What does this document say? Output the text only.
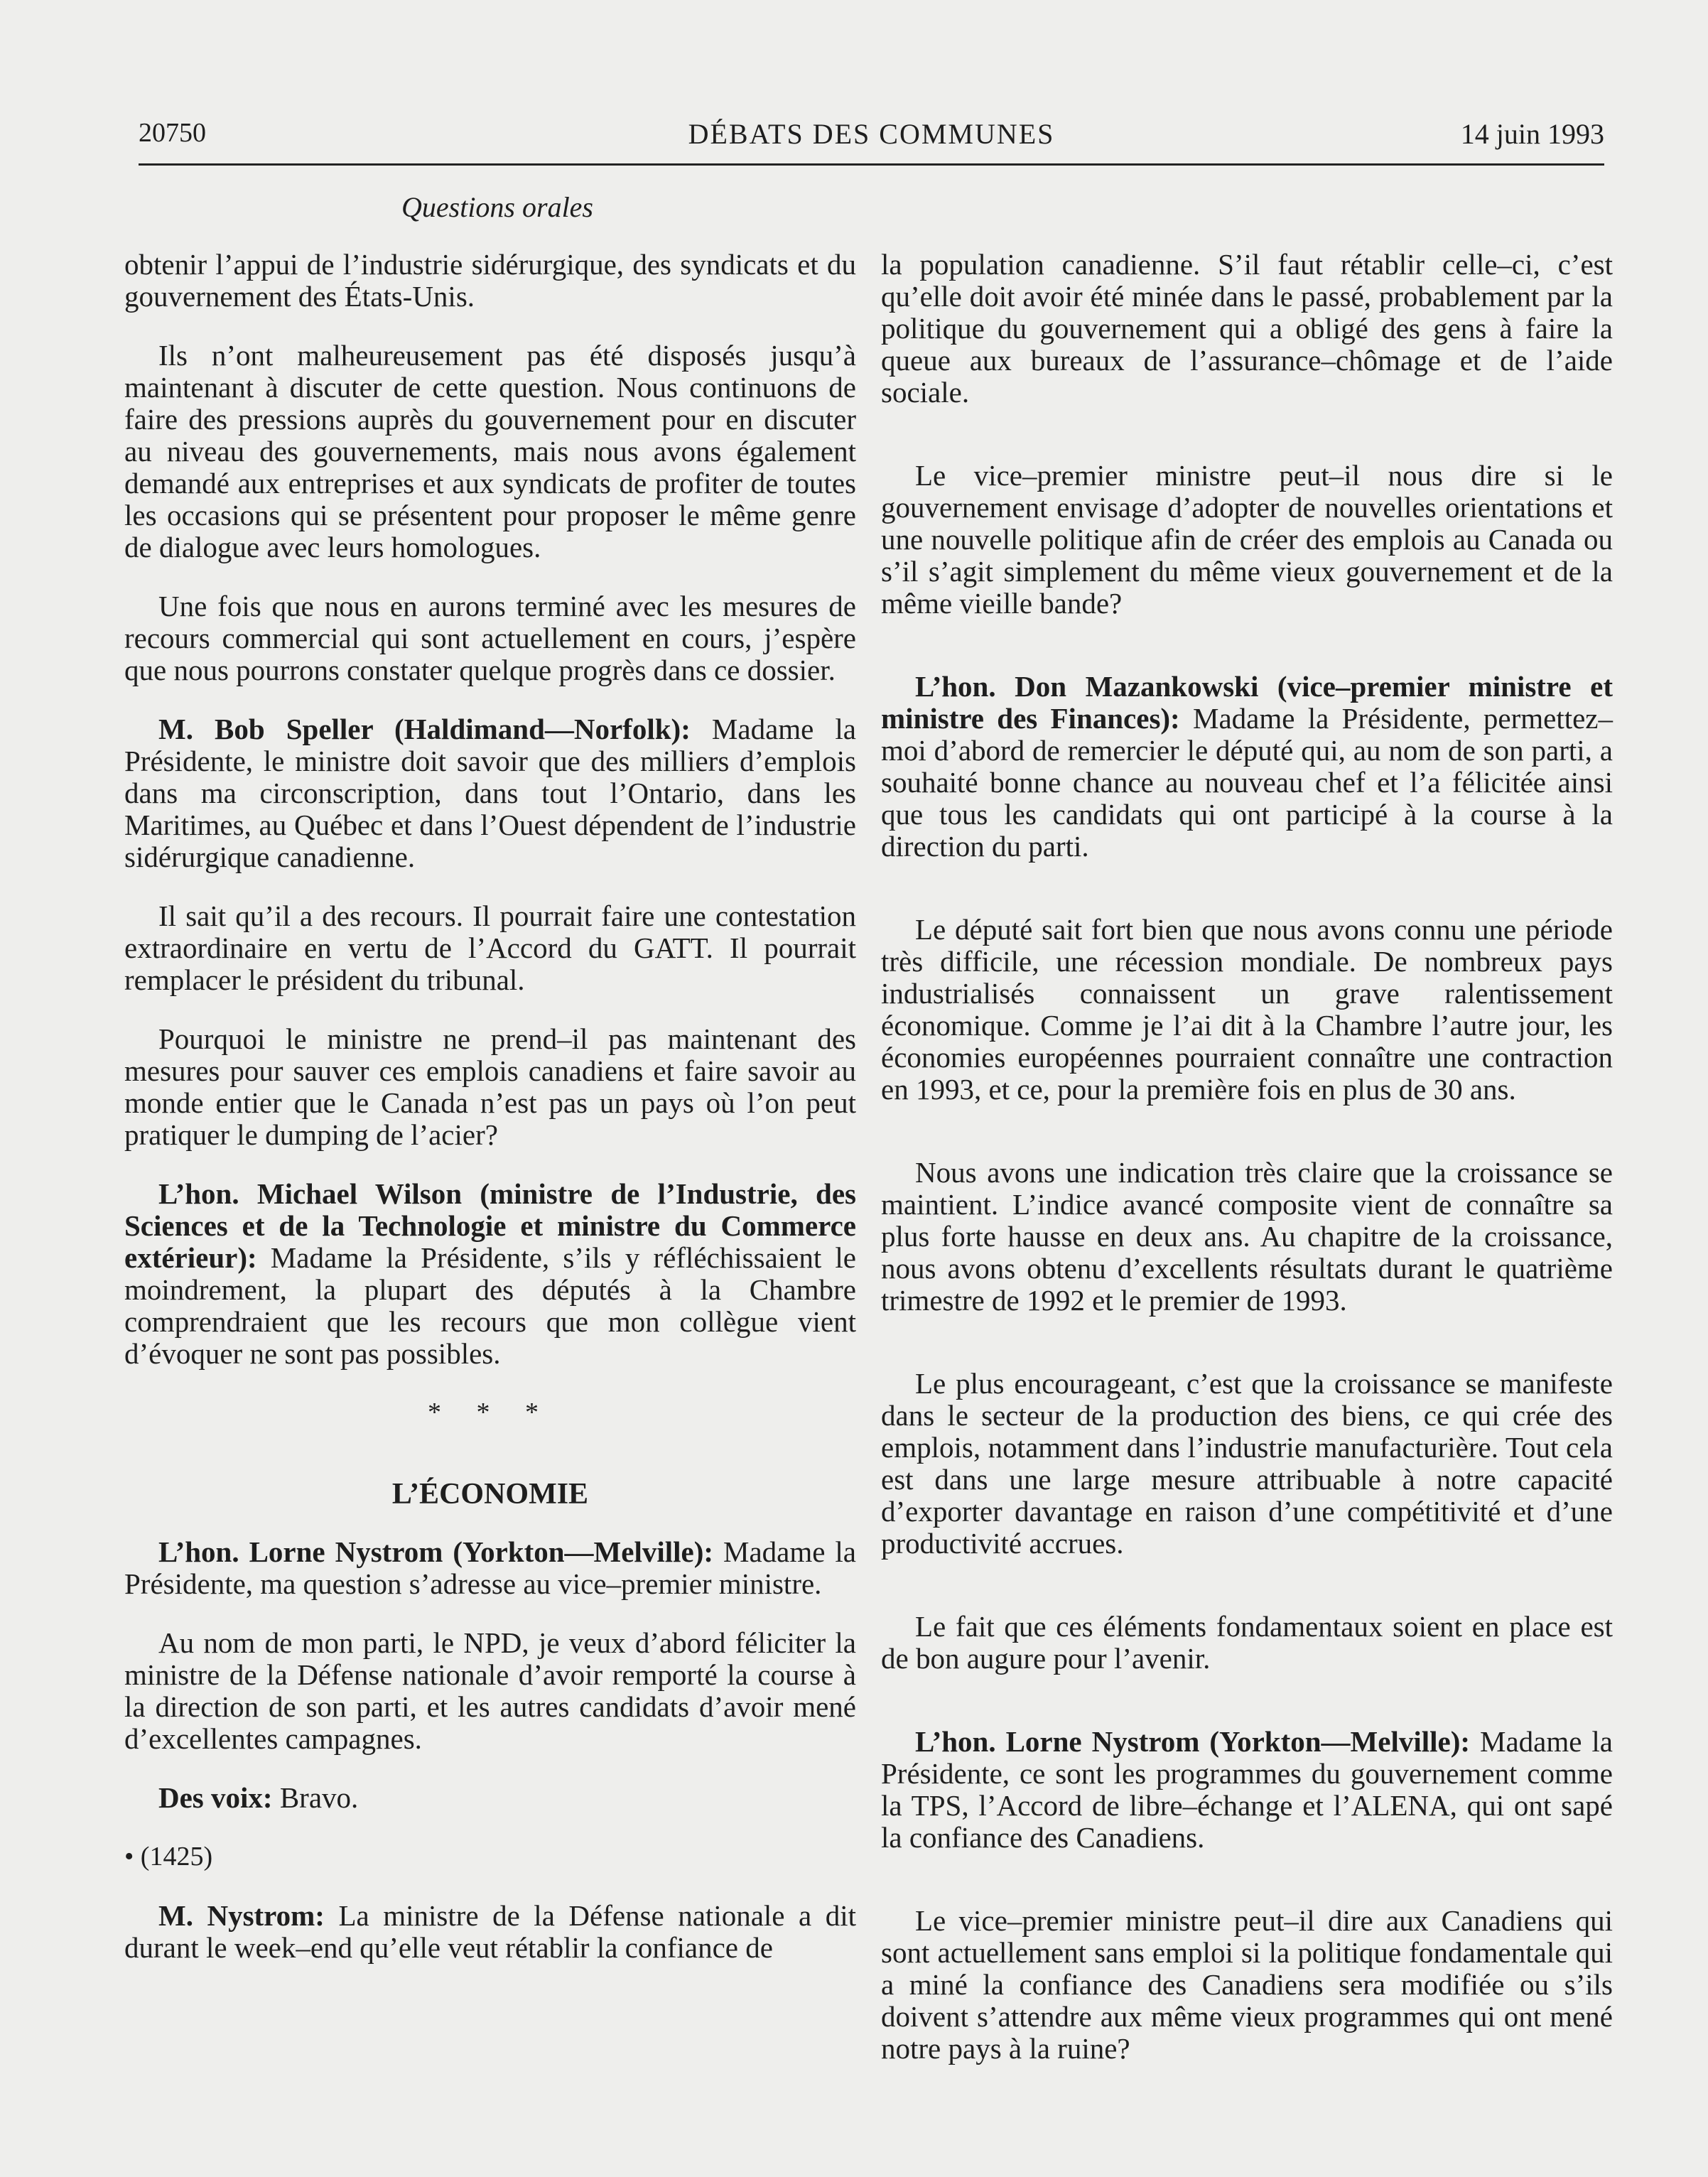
20750	DÉBATS DES COMMUNES	14 juin 1993
Questions orales

obtenir l’appui de l’industrie sidérurgique, des syndicats et du gouvernement des États-Unis.

Ils n’ont malheureusement pas été disposés jusqu’à maintenant à discuter de cette question. Nous continuons de faire des pressions auprès du gouvernement pour en discuter au niveau des gouvernements, mais nous avons également demandé aux entreprises et aux syndicats de profiter de toutes les occasions qui se présentent pour proposer le même genre de dialogue avec leurs homologues.

Une fois que nous en aurons terminé avec les mesures de recours commercial qui sont actuellement en cours, j’espère que nous pourrons constater quelque progrès dans ce dossier.

M. Bob Speller (Haldimand—Norfolk): Madame la Présidente, le ministre doit savoir que des milliers d’emplois dans ma circonscription, dans tout l’Ontario, dans les Maritimes, au Québec et dans l’Ouest dépendent de l’industrie sidérurgique canadienne.

Il sait qu’il a des recours. Il pourrait faire une contestation extraordinaire en vertu de l’Accord du GATT. Il pourrait remplacer le président du tribunal.

Pourquoi le ministre ne prend–il pas maintenant des mesures pour sauver ces emplois canadiens et faire savoir au monde entier que le Canada n’est pas un pays où l’on peut pratiquer le dumping de l’acier?

L’hon. Michael Wilson (ministre de l’Industrie, des Sciences et de la Technologie et ministre du Commerce extérieur): Madame la Présidente, s’ils y réfléchissaient le moindrement, la plupart des députés à la Chambre comprendraient que les recours que mon collègue vient d’évoquer ne sont pas possibles.

* * *
L’ÉCONOMIE

L’hon. Lorne Nystrom (Yorkton—Melville): Madame la Présidente, ma question s’adresse au vice–premier ministre.

Au nom de mon parti, le NPD, je veux d’abord féliciter la ministre de la Défense nationale d’avoir remporté la course à la direction de son parti, et les autres candidats d’avoir mené d’excellentes campagnes.

Des voix: Bravo.

• (1425)

M. Nystrom: La ministre de la Défense nationale a dit durant le week–end qu’elle veut rétablir la confiance de

la population canadienne. S’il faut rétablir celle–ci, c’est qu’elle doit avoir été minée dans le passé, probablement par la politique du gouvernement qui a obligé des gens à faire la queue aux bureaux de l’assurance–chômage et de l’aide sociale.

Le vice–premier ministre peut–il nous dire si le gouvernement envisage d’adopter de nouvelles orientations et une nouvelle politique afin de créer des emplois au Canada ou s’il s’agit simplement du même vieux gouvernement et de la même vieille bande?

L’hon. Don Mazankowski (vice–premier ministre et ministre des Finances): Madame la Présidente, permettez–moi d’abord de remercier le député qui, au nom de son parti, a souhaité bonne chance au nouveau chef et l’a félicitée ainsi que tous les candidats qui ont participé à la course à la direction du parti.

Le député sait fort bien que nous avons connu une période très difficile, une récession mondiale. De nombreux pays industrialisés connaissent un grave ralentissement économique. Comme je l’ai dit à la Chambre l’autre jour, les économies européennes pourraient connaître une contraction en 1993, et ce, pour la première fois en plus de 30 ans.

Nous avons une indication très claire que la croissance se maintient. L’indice avancé composite vient de connaître sa plus forte hausse en deux ans. Au chapitre de la croissance, nous avons obtenu d’excellents résultats durant le quatrième trimestre de 1992 et le premier de 1993.

Le plus encourageant, c’est que la croissance se manifeste dans le secteur de la production des biens, ce qui crée des emplois, notamment dans l’industrie manufacturière. Tout cela est dans une large mesure attribuable à notre capacité d’exporter davantage en raison d’une compétitivité et d’une productivité accrues.

Le fait que ces éléments fondamentaux soient en place est de bon augure pour l’avenir.

L’hon. Lorne Nystrom (Yorkton—Melville): Madame la Présidente, ce sont les programmes du gouvernement comme la TPS, l’Accord de libre–échange et l’ALENA, qui ont sapé la confiance des Canadiens.

Le vice–premier ministre peut–il dire aux Canadiens qui sont actuellement sans emploi si la politique fondamentale qui a miné la confiance des Canadiens sera modifiée ou s’ils doivent s’attendre aux même vieux programmes qui ont mené notre pays à la ruine?
